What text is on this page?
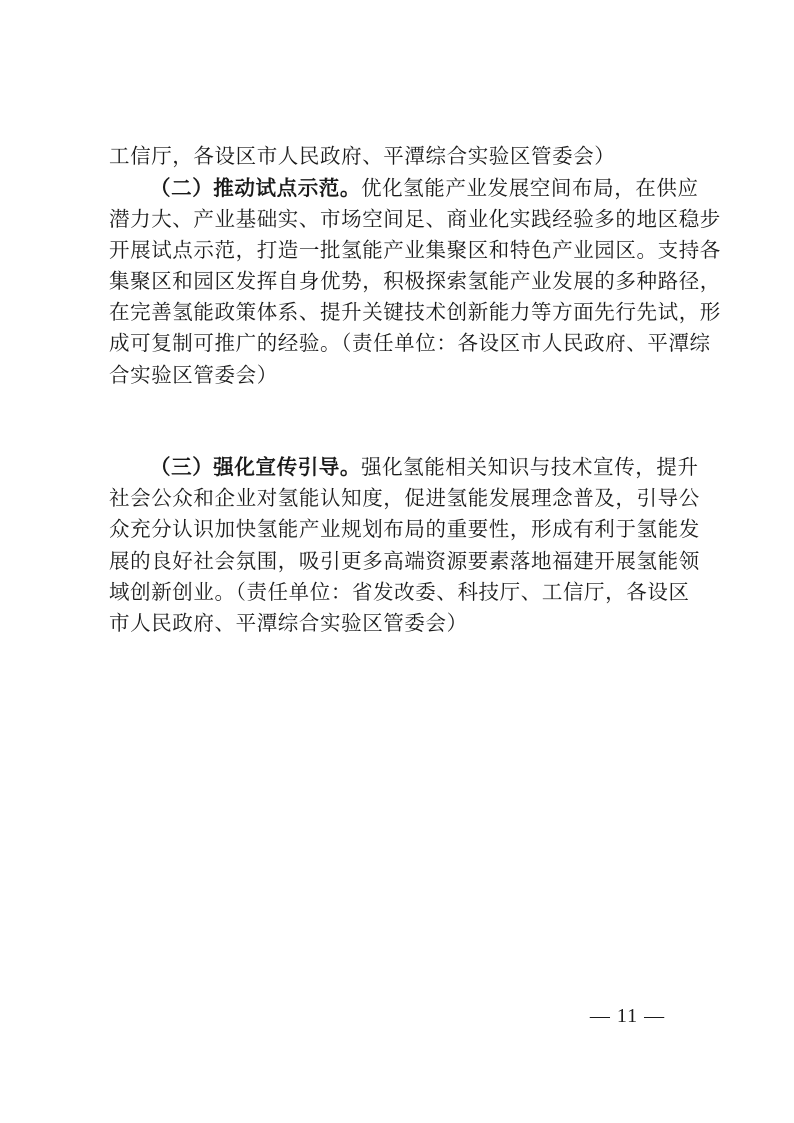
工信厅，各设区市人民政府、平潭综合实验区管委会）
（二）推动试点示范。优化氢能产业发展空间布局，在供应
潜力大、产业基础实、市场空间足、商业化实践经验多的地区稳步
开展试点示范，打造一批氢能产业集聚区和特色产业园区。支持各
集聚区和园区发挥自身优势，积极探索氢能产业发展的多种路径，
在完善氢能政策体系、提升关键技术创新能力等方面先行先试，形
成可复制可推广的经验。（责任单位：各设区市人民政府、平潭综
合实验区管委会）
（三）强化宣传引导。强化氢能相关知识与技术宣传，提升
社会公众和企业对氢能认知度，促进氢能发展理念普及，引导公
众充分认识加快氢能产业规划布局的重要性，形成有利于氢能发
展的良好社会氛围，吸引更多高端资源要素落地福建开展氢能领
域创新创业。（责任单位：省发改委、科技厅、工信厅，各设区
市人民政府、平潭综合实验区管委会）
— 11 —
